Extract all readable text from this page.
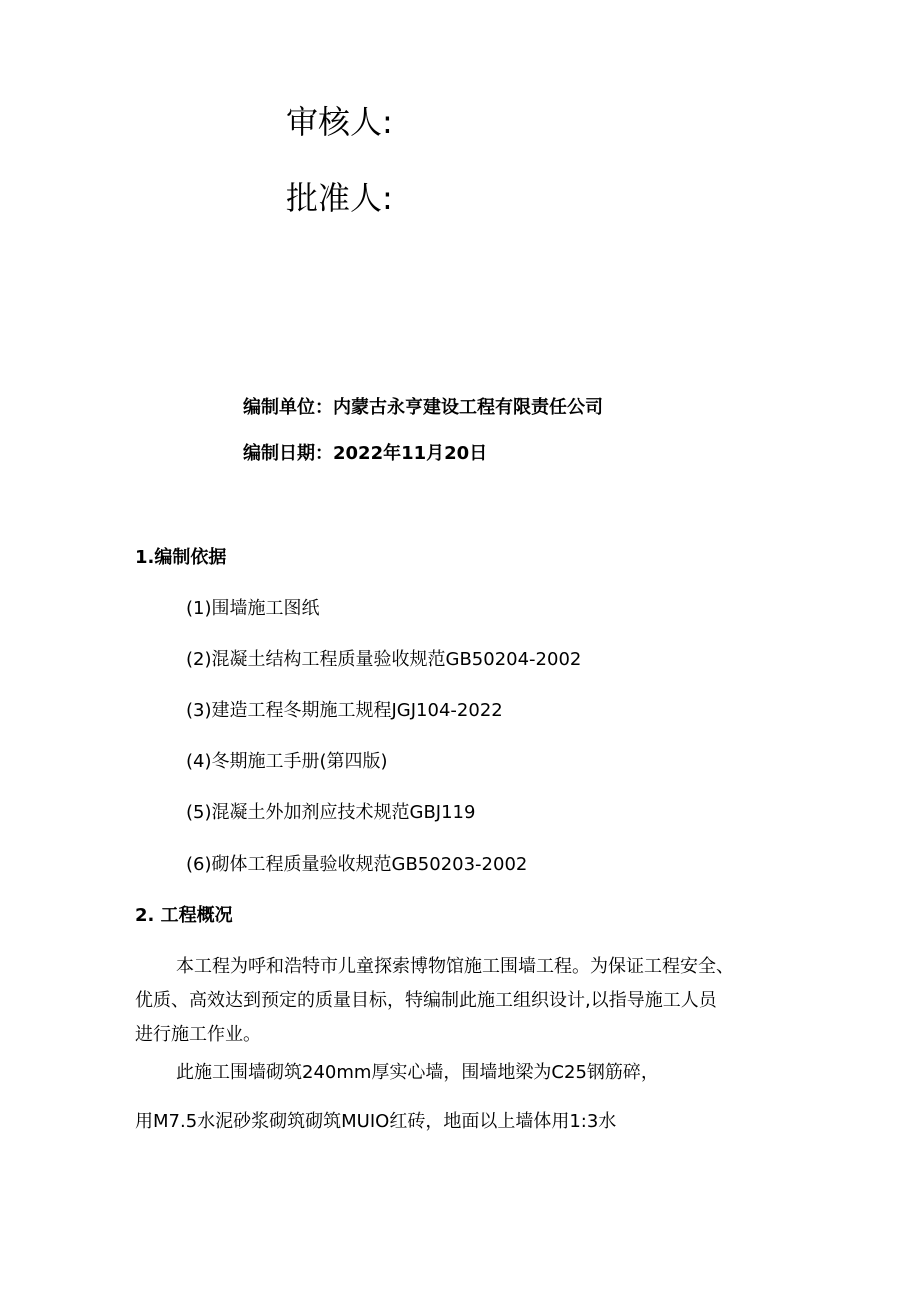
审核人:
批准人:
编制单位：内蒙古永亨建设工程有限责任公司
编制日期：2022年11月20日
1.编制依据
(1)围墙施工图纸
(2)混凝土结构工程质量验收规范GB50204-2002
(3)建造工程冬期施工规程JGJ104-2022
(4)冬期施工手册(第四版)
(5)混凝土外加剂应技术规范GBJ119
(6)砌体工程质量验收规范GB50203-2002
2. 工程概况
本工程为呼和浩特市儿童探索博物馆施工围墙工程。为保证工程安全、
优质、高效达到预定的质量目标，特编制此施工组织设计,以指导施工人员
进行施工作业。
此施工围墙砌筑240mm厚实心墙，围墙地梁为C25钢筋碎，
用M7.5水泥砂浆砌筑砌筑MUIO红砖，地面以上墙体用1:3水
